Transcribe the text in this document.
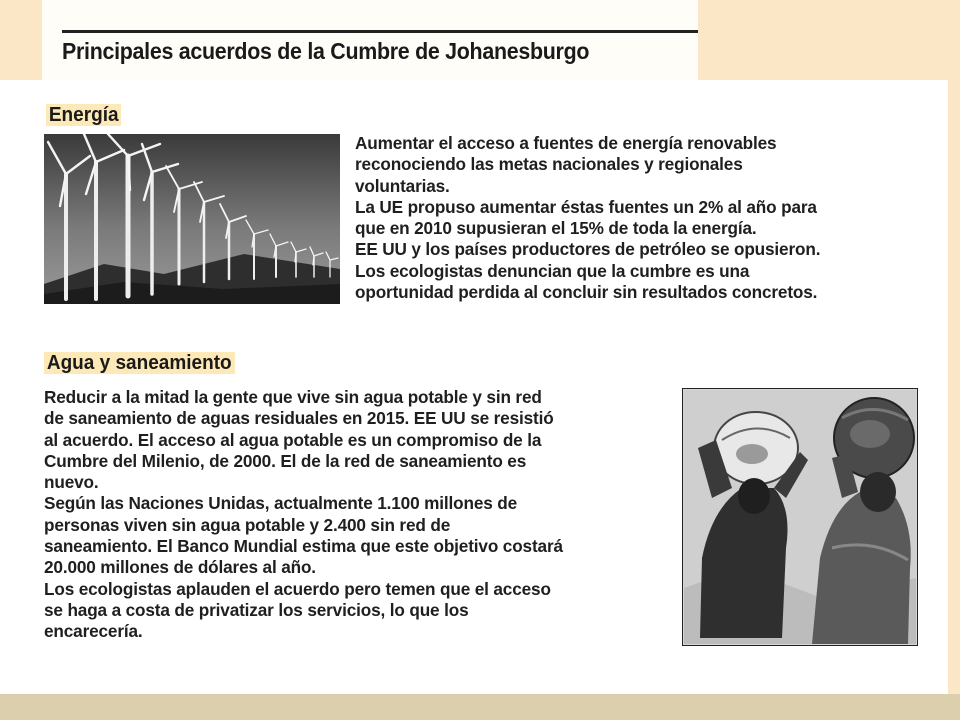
Principales acuerdos de la Cumbre de Johanesburgo
Energía
Aumentar el acceso a fuentes de energía renovables
reconociendo las metas nacionales y regionales
voluntarias.
La UE propuso aumentar éstas fuentes un 2% al año para
que en 2010 supusieran el 15% de toda la energía.
EE UU y los países productores de petróleo se opusieron.
Los ecologistas denuncian que la cumbre es una
oportunidad perdida al concluir sin resultados concretos.
Agua y saneamiento
Reducir a la mitad la gente que vive sin agua potable y sin red
de saneamiento de aguas residuales en 2015. EE UU se resistió
al acuerdo. El acceso al agua potable es un compromiso de la
Cumbre del Milenio, de 2000. El de la red de saneamiento es
nuevo.
Según las Naciones Unidas, actualmente 1.100 millones de
personas viven sin agua potable y 2.400 sin red de
saneamiento. El Banco Mundial estima que este objetivo costará
20.000 millones de dólares al año.
Los ecologistas aplauden el acuerdo pero temen que el acceso
se haga a costa de privatizar los servicios, lo que los
encarecería.
